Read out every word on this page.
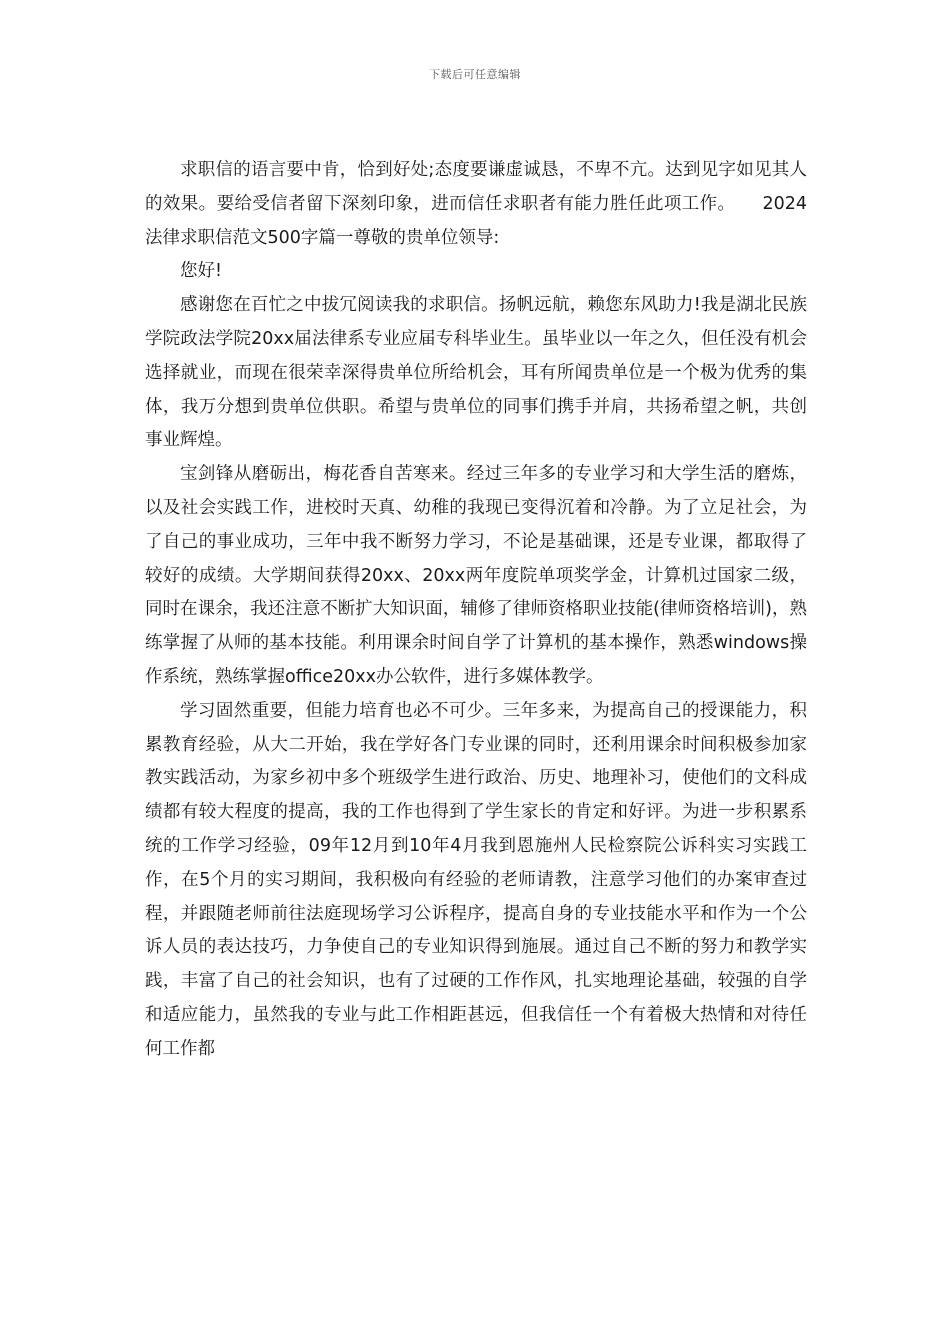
下载后可任意编辑

求职信的语言要中肯，恰到好处;态度要谦虚诚恳，不卑不亢。达到见字如见其人的效果。要给受信者留下深刻印象，进而信任求职者有能力胜任此项工作。　　2024法律求职信范文500字篇一尊敬的贵单位领导:

您好!

感谢您在百忙之中拔冗阅读我的求职信。扬帆远航，赖您东风助力!我是湖北民族学院政法学院20xx届法律系专业应届专科毕业生。虽毕业以一年之久，但任没有机会选择就业，而现在很荣幸深得贵单位所给机会，耳有所闻贵单位是一个极为优秀的集体，我万分想到贵单位供职。希望与贵单位的同事们携手并肩，共扬希望之帆，共创事业辉煌。

宝剑锋从磨砺出，梅花香自苦寒来。经过三年多的专业学习和大学生活的磨炼，以及社会实践工作，进校时天真、幼稚的我现已变得沉着和冷静。为了立足社会，为了自己的事业成功，三年中我不断努力学习，不论是基础课，还是专业课，都取得了较好的成绩。大学期间获得20xx、20xx两年度院单项奖学金，计算机过国家二级，同时在课余，我还注意不断扩大知识面，辅修了律师资格职业技能(律师资格培训)，熟练掌握了从师的基本技能。利用课余时间自学了计算机的基本操作，熟悉windows操作系统，熟练掌握office20xx办公软件，进行多媒体教学。

学习固然重要，但能力培育也必不可少。三年多来，为提高自己的授课能力，积累教育经验，从大二开始，我在学好各门专业课的同时，还利用课余时间积极参加家教实践活动，为家乡初中多个班级学生进行政治、历史、地理补习，使他们的文科成绩都有较大程度的提高，我的工作也得到了学生家长的肯定和好评。为进一步积累系统的工作学习经验，09年12月到10年4月我到恩施州人民检察院公诉科实习实践工作，在5个月的实习期间，我积极向有经验的老师请教，注意学习他们的办案审查过程，并跟随老师前往法庭现场学习公诉程序，提高自身的专业技能水平和作为一个公诉人员的表达技巧，力争使自己的专业知识得到施展。通过自己不断的努力和教学实践，丰富了自己的社会知识，也有了过硬的工作作风，扎实地理论基础，较强的自学和适应能力，虽然我的专业与此工作相距甚远，但我信任一个有着极大热情和对待任何工作都
